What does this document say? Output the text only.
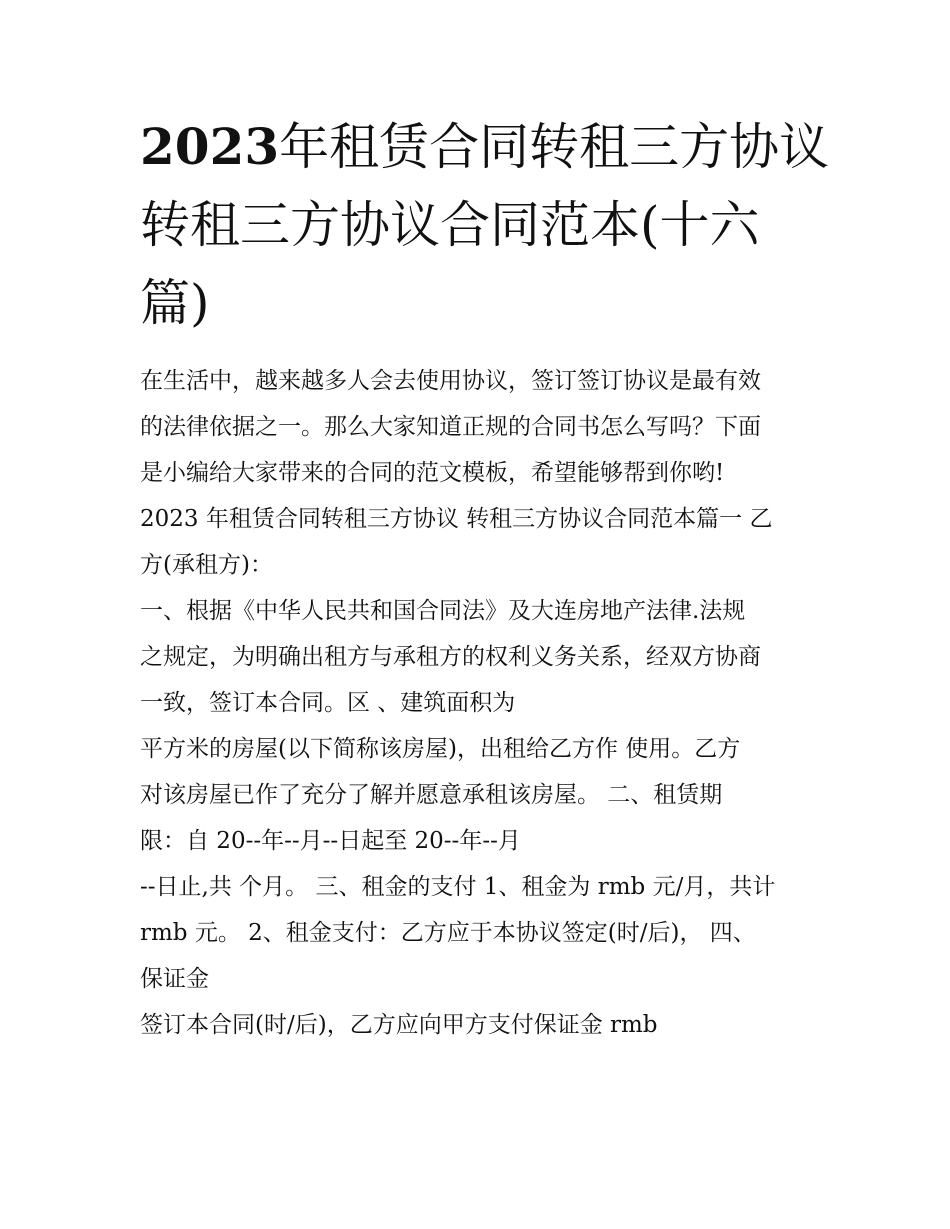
2023年租赁合同转租三方协议
转租三方协议合同范本(十六
篇)
在生活中，越来越多人会去使用协议，签订签订协议是最有效
的法律依据之一。那么大家知道正规的合同书怎么写吗？下面
是小编给大家带来的合同的范文模板，希望能够帮到你哟!
2023 年租赁合同转租三方协议 转租三方协议合同范本篇一 乙
方(承租方)：
一、根据《中华人民共和国合同法》及大连房地产法律.法规
之规定，为明确出租方与承租方的权利义务关系，经双方协商
一致，签订本合同。区 、建筑面积为
平方米的房屋(以下简称该房屋)，出租给乙方作 使用。乙方
对该房屋已作了充分了解并愿意承租该房屋。 二、租赁期
限：自 20--年--月--日起至 20--年--月
--日止,共 个月。 三、租金的支付 1、租金为 rmb 元/月，共计
rmb 元。 2、租金支付：乙方应于本协议签定(时/后)， 四、
保证金
签订本合同(时/后)，乙方应向甲方支付保证金 rmb
